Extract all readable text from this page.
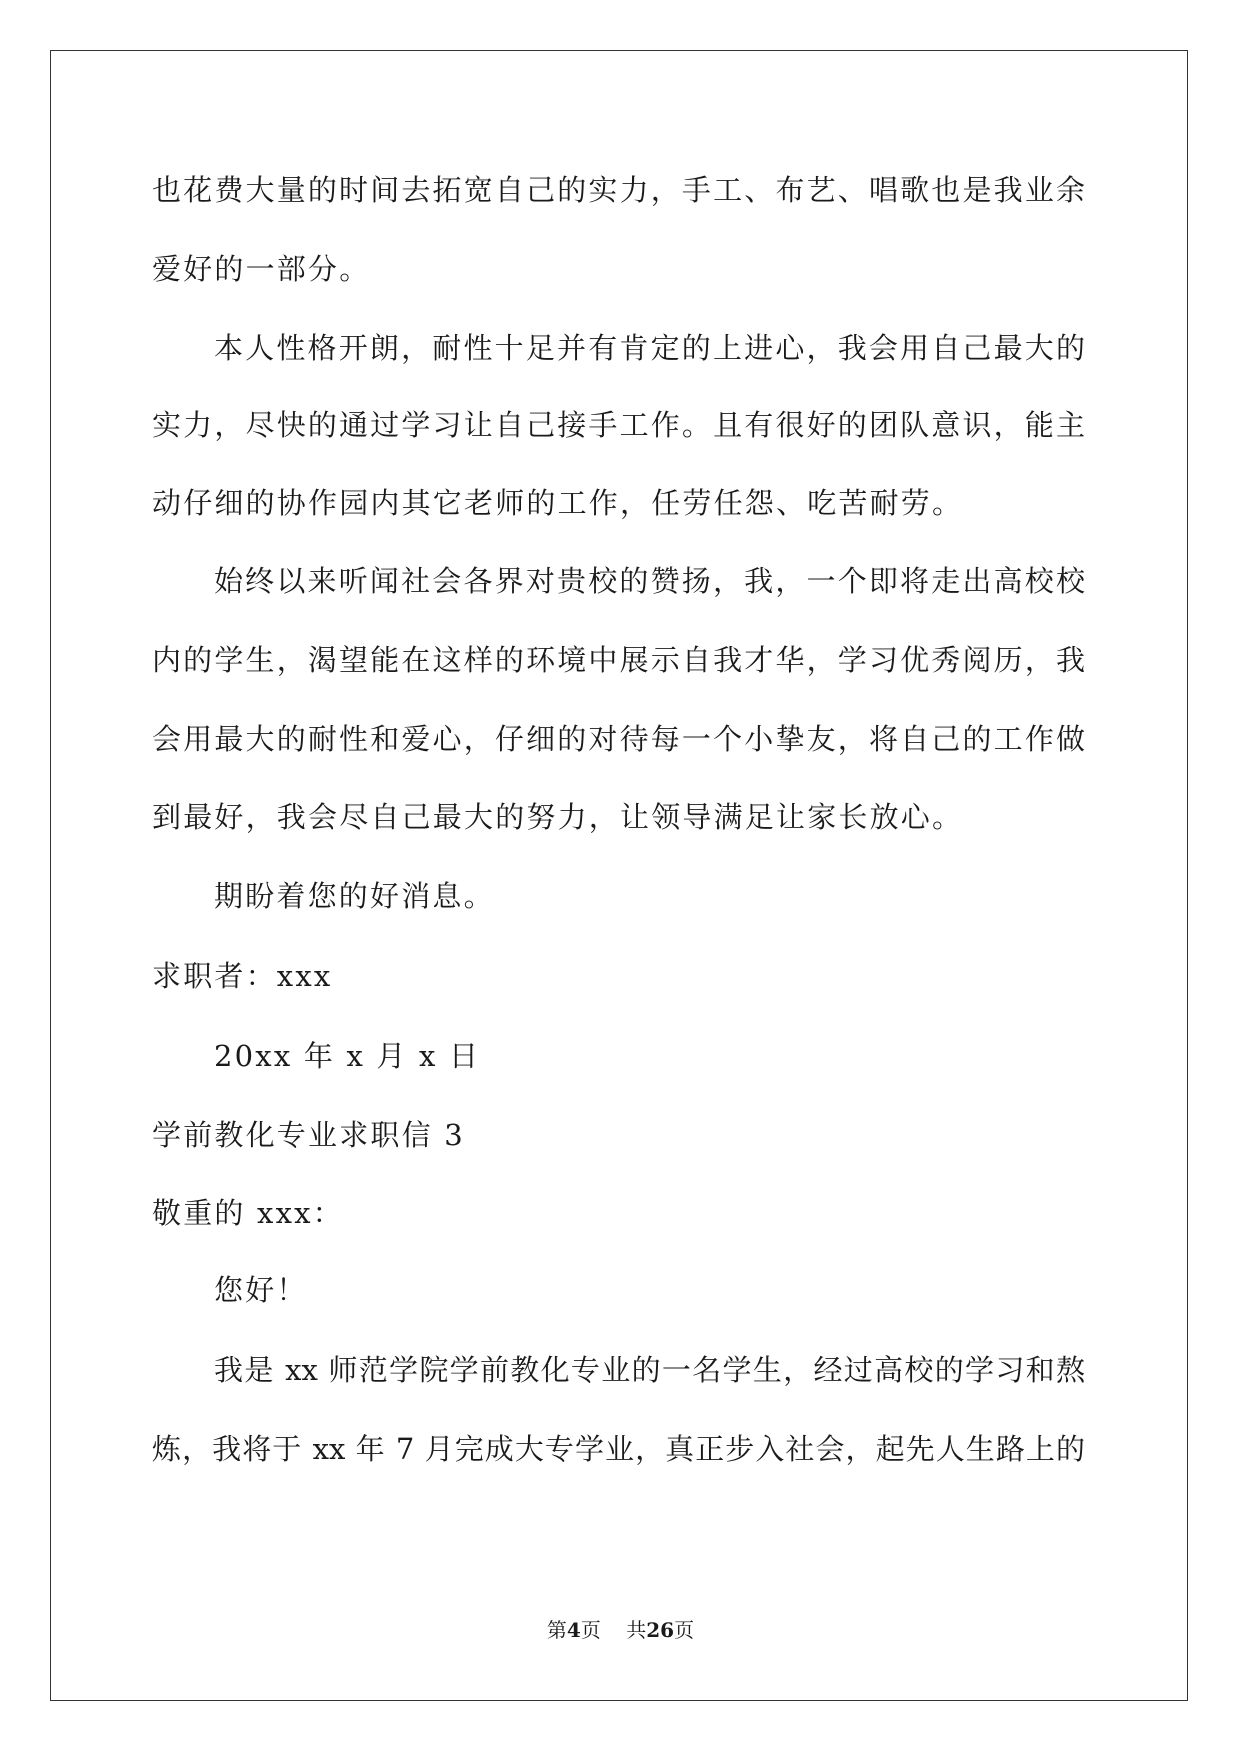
也花费大量的时间去拓宽自己的实力，手工、布艺、唱歌也是我业余
爱好的一部分。
本人性格开朗，耐性十足并有肯定的上进心，我会用自己最大的
实力，尽快的通过学习让自己接手工作。且有很好的团队意识，能主
动仔细的协作园内其它老师的工作，任劳任怨、吃苦耐劳。
始终以来听闻社会各界对贵校的赞扬，我，一个即将走出高校校
内的学生，渴望能在这样的环境中展示自我才华，学习优秀阅历，我
会用最大的耐性和爱心，仔细的对待每一个小挚友，将自己的工作做
到最好，我会尽自己最大的努力，让领导满足让家长放心。
期盼着您的好消息。
求职者：xxx
20xx 年 x 月 x 日
学前教化专业求职信 3
敬重的 xxx：
您好！
我是 xx 师范学院学前教化专业的一名学生，经过高校的学习和熬
炼，我将于 xx 年 7 月完成大专学业，真正步入社会，起先人生路上的
第4页    共26页
